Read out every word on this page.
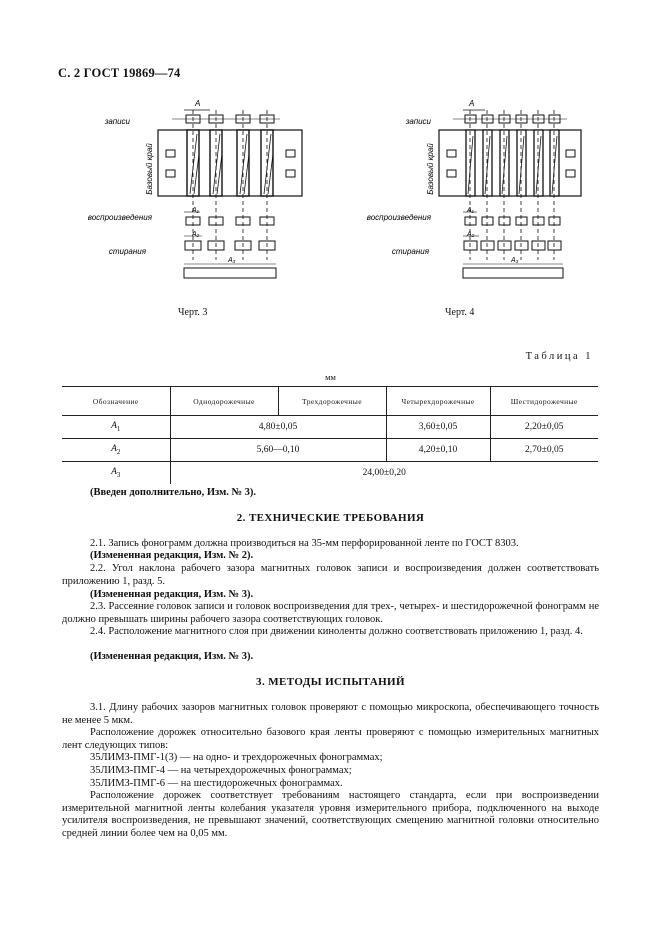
С. 2 ГОСТ 19869—74
записи
воспроизведения
стирания
Базовый край
A
A₁
A₂
A₃
Черт. 3
записи
воспроизведения
стирания
Базовый край
A
A₁
A₂
A₃
Черт. 4
Таблица 1
мм
Обозначение	Однодорожечные	Трехдорожечные	Четырехдорожечные	Шестидорожечные
$A_1$	4,80±0,05		3,60±0,05	2,20±0,05
$A_2$	5,60—0,10		4,20±0,10	2,70±0,05
$A_3$	24,00±0,20			
(Введен дополнительно, Изм. № 3).
2. ТЕХНИЧЕСКИЕ ТРЕБОВАНИЯ
2.1. Запись фонограмм должна производиться на 35-мм перфорированной ленте по ГОСТ 8303.
(Измененная редакция, Изм. № 2).
2.2. Угол наклона рабочего зазора магнитных головок записи и воспроизведения должен соответствовать приложению 1, разд. 5.
(Измененная редакция, Изм. № 3).
2.3. Рассеяние головок записи и головок воспроизведения для трех-, четырех- и шестидорожечной фонограмм не должно превышать ширины рабочего зазора соответствующих головок.
2.4. Расположение магнитного слоя при движении киноленты должно соответствовать приложению 1, разд. 4.
(Измененная редакция, Изм. № 3).
3. МЕТОДЫ ИСПЫТАНИЙ
3.1. Длину рабочих зазоров магнитных головок проверяют с помощью микроскопа, обеспечивающего точность не менее 5 мкм.
Расположение дорожек относительно базового края ленты проверяют с помощью измерительных магнитных лент следующих типов:
35ЛИМЗ-ПМГ-1(3) — на одно- и трехдорожечных фонограммах;
35ЛИМЗ-ПМГ-4 — на четырехдорожечных фонограммах;
35ЛИМЗ-ПМГ-6 — на шестидорожечных фонограммах.
Расположение дорожек соответствует требованиям настоящего стандарта, если при воспроизведении измерительной магнитной ленты колебания указателя уровня измерительного прибора, подключенного на выходе усилителя воспроизведения, не превышают значений, соответствующих смещению магнитной головки относительно средней линии более чем на 0,05 мм.
